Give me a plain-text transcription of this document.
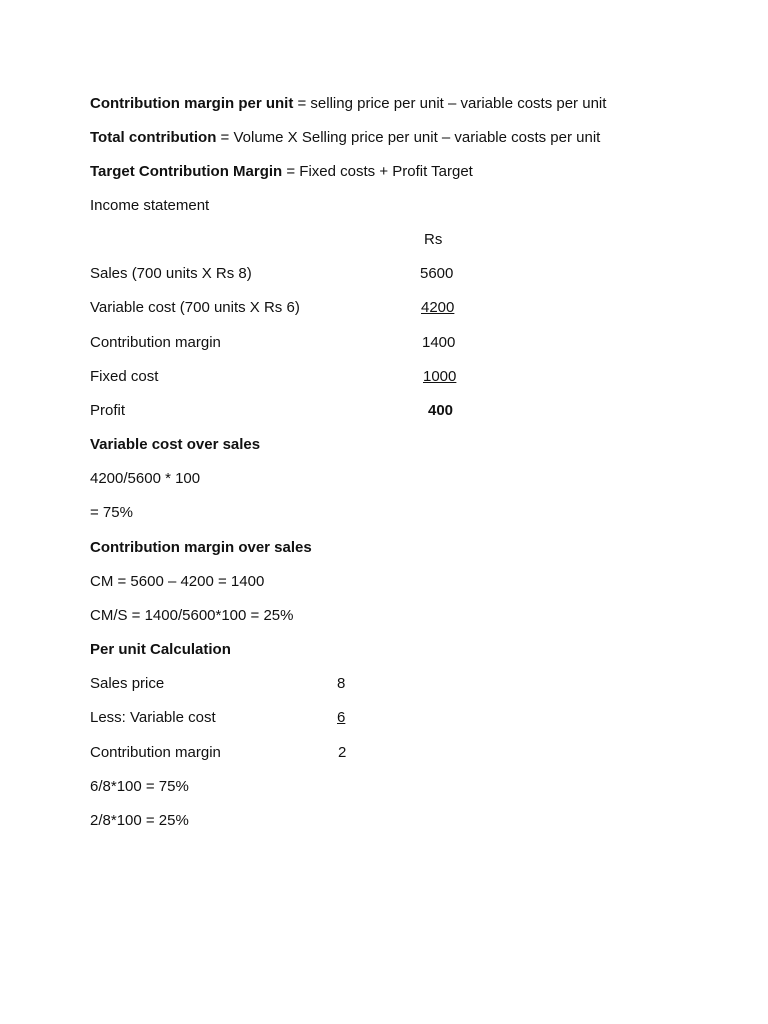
Contribution margin per unit = selling price per unit – variable costs per unit
Total contribution = Volume X Selling price per unit – variable costs per unit
Target Contribution Margin = Fixed costs + Profit Target
Income statement
Rs
Sales (700 units X Rs 8)	5600
Variable cost (700 units X Rs 6)	4200
Contribution margin	1400
Fixed cost	1000
Profit	400
Variable cost over sales
4200/5600 * 100
= 75%
Contribution margin over sales
CM = 5600 – 4200 = 1400
CM/S = 1400/5600*100 = 25%
Per unit Calculation
Sales price	8
Less: Variable cost	6
Contribution margin	2
6/8*100 = 75%
2/8*100 = 25%
